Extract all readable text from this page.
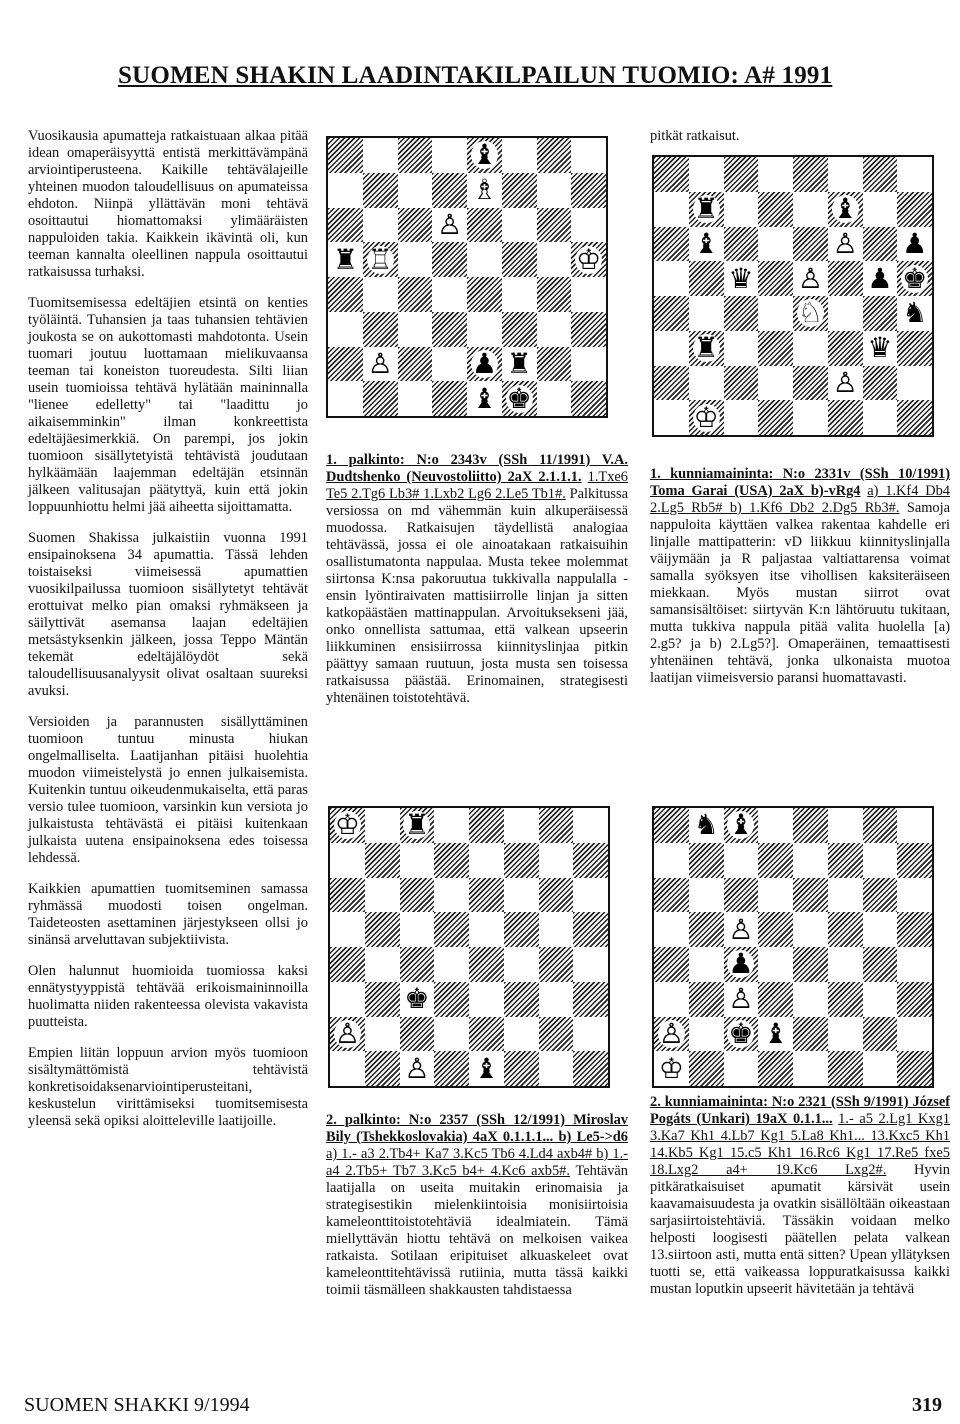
SUOMEN SHAKIN LAADINTAKILPAILUN TUOMIO: A# 1991

Vuosikausia apumatteja ratkaistuaan alkaa pitää idean omaperäisyyttä entistä merkittävämpänä arviointiperusteena. Kaikille tehtävälajeille yhteinen muodon taloudellisuus on apumateissa ehdoton. Niinpä yllättävän moni tehtävä osoittautui hiomattomaksi ylimääräisten nappuloiden takia. Kaikkein ikävintä oli, kun teeman kannalta oleellinen nappula osoittautui ratkaisussa turhaksi.

Tuomitsemisessa edeltäjien etsintä on kenties työläintä. Tuhansien ja taas tuhansien tehtävien joukosta se on aukottomasti mahdotonta. Usein tuomari joutuu luottamaan mielikuvaansa teeman tai koneiston tuoreudesta. Silti liian usein tuomioissa tehtävä hylätään maininnalla "lienee edelletty" tai "laadittu jo aikaisemminkin" ilman konkreettista edeltäjäesimerkkiä. On parempi, jos jokin tuomioon sisällytetyistä tehtävistä joudutaan hylkäämään laajemman edeltäjän etsinnän jälkeen valitusajan päätyttyä, kuin että jokin loppuunhiottu helmi jää aiheetta sijoittamatta.

Suomen Shakissa julkaistiin vuonna 1991 ensipainoksena 34 apumattia. Tässä lehden toistaiseksi viimeisessä apumattien vuosikilpailussa tuomioon sisällytetyt tehtävät erottuivat melko pian omaksi ryhmäkseen ja säilyttivät asemansa laajan edeltäjien metsästyksenkin jälkeen, jossa Teppo Mäntän tekemät edeltäjälöydöt sekä taloudellisuusanalyysit olivat osaltaan suureksi avuksi.

Versioiden ja parannusten sisällyttäminen tuomioon tuntuu minusta hiukan ongelmalliselta. Laatijanhan pitäisi huolehtia muodon viimeistelystä jo ennen julkaisemista. Kuitenkin tuntuu oikeudenmukaiselta, että paras versio tulee tuomioon, varsinkin kun versiota jo julkaistusta tehtävästä ei pitäisi kuitenkaan julkaista uutena ensipainoksena edes toisessa lehdessä.

Kaikkien apumattien tuomitseminen samassa ryhmässä muodosti toisen ongelman. Taideteosten asettaminen järjestykseen ollsi jo sinänsä arveluttavan subjektiivista.

Olen halunnut huomioida tuomiossa kaksi ennätystyyppistä tehtävää erikoismaininnoilla huolimatta niiden rakenteessa olevista vakavista puutteista.

Empien liitän loppuun arvion myös tuomioon sisältymättömistä tehtävistä konkretisoidaksenarviointiperusteitani, keskustelun virittämiseksi tuomitsemisesta yleensä sekä opiksi aloitteleville laatijoille.

♝
♗
♙
♜ ♖	♔
♙	♟ ♜
♝ ♚

1. palkinto: N:o 2343v (SSh 11/1991) V.A. Dudtshenko (Neuvostoliitto) 2aX 2.1.1.1. 1.Txe6 Te5 2.Tg6 Lb3# 1.Lxb2 Lg6 2.Le5 Tb1#. Palkitussa versiossa on md vähemmän kuin alkuperäisessä muodossa. Ratkaisujen täydellistä analogiaa tehtävässä, jossa ei ole ainoatakaan ratkaisuihin osallistumatonta nappulaa. Musta tekee molemmat siirtonsa K:nsa pakoruutua tukkivalla nappulalla - ensin lyöntiraivaten mattisiirrolle linjan ja sitten katkopäästäen mattinappulan. Arvoituksekseni jää, onko onnellista sattumaa, että valkean upseerin liikkuminen ensisiirrossa kiinnityslinjaa pitkin päättyy samaan ruutuun, josta musta sen toisessa ratkaisussa päästää. Erinomainen, strategisesti yhtenäinen toistotehtävä.

♜	♝
♝	♙ ♟
♛ ♙ ♟ ♚
♘	♞
♜	♛
♙
♔
pitkät ratkaisut.

1. kunniamaininta: N:o 2331v (SSh 10/1991) Toma Garai (USA) 2aX b)-vRg4 a) 1.Kf4 Db4 2.Lg5 Rb5# b) 1.Kf6 Db2 2.Dg5 Rb3#. Samoja nappuloita käyttäen valkea rakentaa kahdelle eri linjalle mattipatterin: vD liikkuu kiinnityslinjalla väijymään ja R paljastaa valtiattarensa voimat samalla syöksyen itse vihollisen kaksiteräiseen miekkaan. Myös mustan siirrot ovat samansisältöiset: siirtyvän K:n lähtöruutu tukitaan, mutta tukkiva nappula pitää valita huolella [a) 2.g5? ja b) 2.Lg5?]. Omaperäinen, temaattisesti yhtenäinen tehtävä, jonka ulkonaista muotoa laatijan viimeisversio paransi huomattavasti.

♔ ♜
♚
♙
♙ ♝

2. palkinto: N:o 2357 (SSh 12/1991) Miroslav Bily (Tshekkoslovakia) 4aX 0.1.1.1... b) Le5->d6 a) 1.- a3 2.Tb4+ Ka7 3.Kc5 Tb6 4.Ld4 axb4# b) 1.- a4 2.Tb5+ Tb7 3.Kc5 b4+ 4.Kc6 axb5#. Tehtävän laatijalla on useita muitakin erinomaisia ja strategisestikin mielenkiintoisia monisiirtoisia kameleonttitoistotehtäviä idealmiatein. Tämä miellyttävän hiottu tehtävä on melkoisen vaikea ratkaista. Sotilaan eripituiset alkuaskeleet ovat kameleonttitehtävissä rutiinia, mutta tässä kaikki toimii täsmälleen shakkausten tahdistaessa

♞ ♝
♙
♟
♙
♙ ♚ ♝
♔

2. kunniamaininta: N:o 2321 (SSh 9/1991) József Pogáts (Unkari) 19aX 0.1.1... 1.- a5 2.Lg1 Kxg1 3.Ka7 Kh1 4.Lb7 Kg1 5.La8 Kh1... 13.Kxc5 Kh1 14.Kb5 Kg1 15.c5 Kh1 16.Rc6 Kg1 17.Re5 fxe5 18.Lxg2 a4+ 19.Kc6 Lxg2#. Hyvin pitkäratkaisuiset apumatit kärsivät usein kaavamaisuudesta ja ovatkin sisällöltään oikeastaan sarjasiirtoistehtäviä. Tässäkin voidaan melko helposti loogisesti päätellen pelata valkean 13.siirtoon asti, mutta entä sitten? Upean yllätyksen tuotti se, että vaikeassa loppuratkaisussa kaikki mustan loputkin upseerit hävitetään ja tehtävä

SUOMEN SHAKKI 9/1994	319
